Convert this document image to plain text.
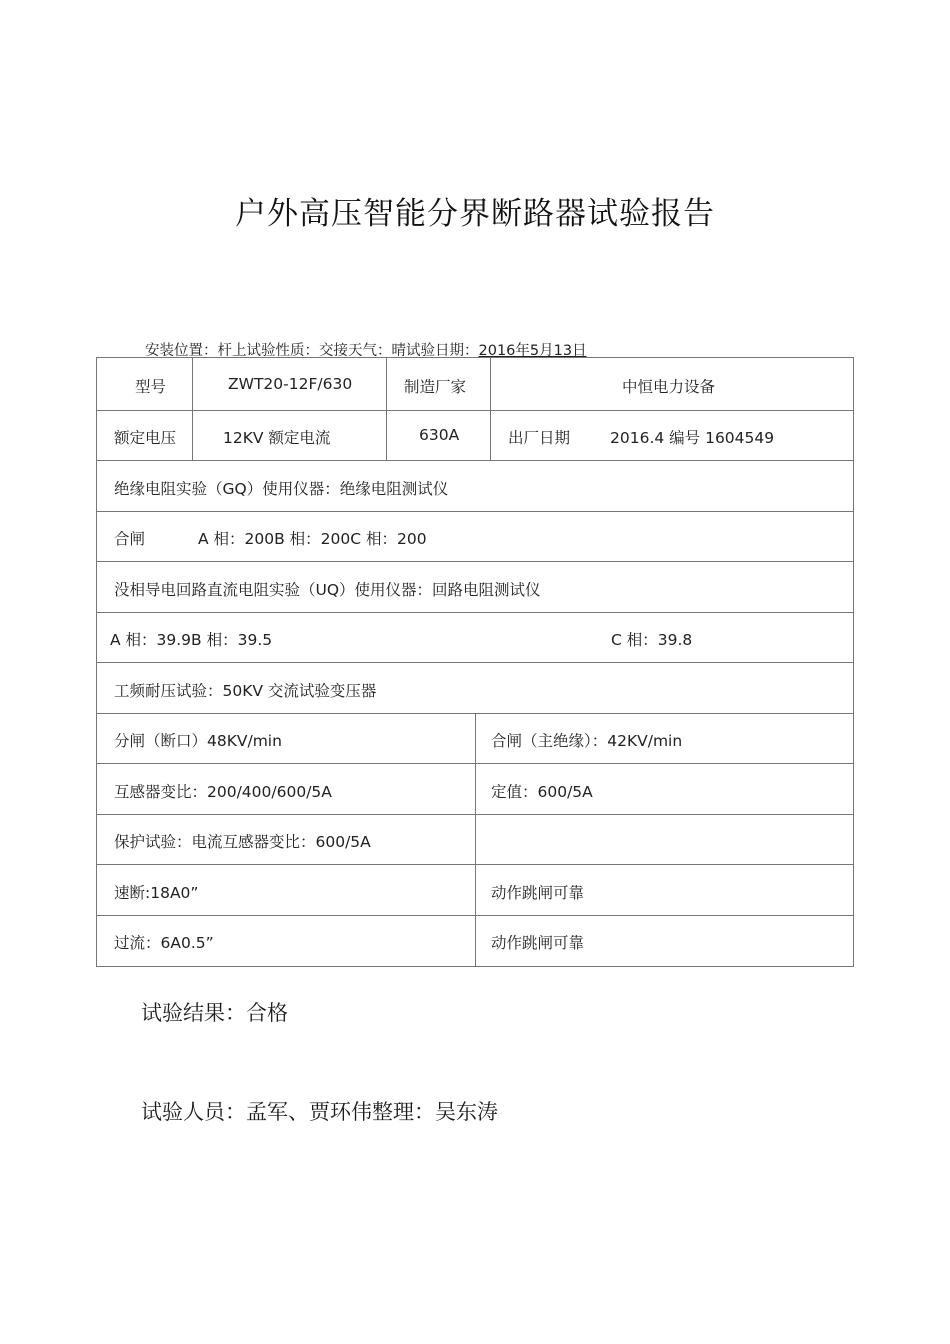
户外高压智能分界断路器试验报告
安装位置：杆上试验性质：交接天气：晴试验日期：2016年5月13日
型号	ZWT20-12F/630	制造厂家	中恒电力设备
额定电压	12KV 额定电流	630A	出厂日期	2016.4 编号 1604549
绝缘电阻实验（GQ）使用仪器：绝缘电阻测试仪
合闸	A 相：200B 相：200C 相：200
没相导电回路直流电阻实验（UQ）使用仪器：回路电阻测试仪
A 相：39.9B 相：39.5	C 相：39.8
工频耐压试验：50KV 交流试验变压器
分闸（断口）48KV/min	合闸（主绝缘）：42KV/min
互感器变比：200/400/600/5A	定值：600/5A
保护试验：电流互感器变比：600/5A
速断:18A0”	动作跳闸可靠
过流：6A0.5”	动作跳闸可靠
试验结果：合格
试验人员：孟军、贾环伟整理：吴东涛
